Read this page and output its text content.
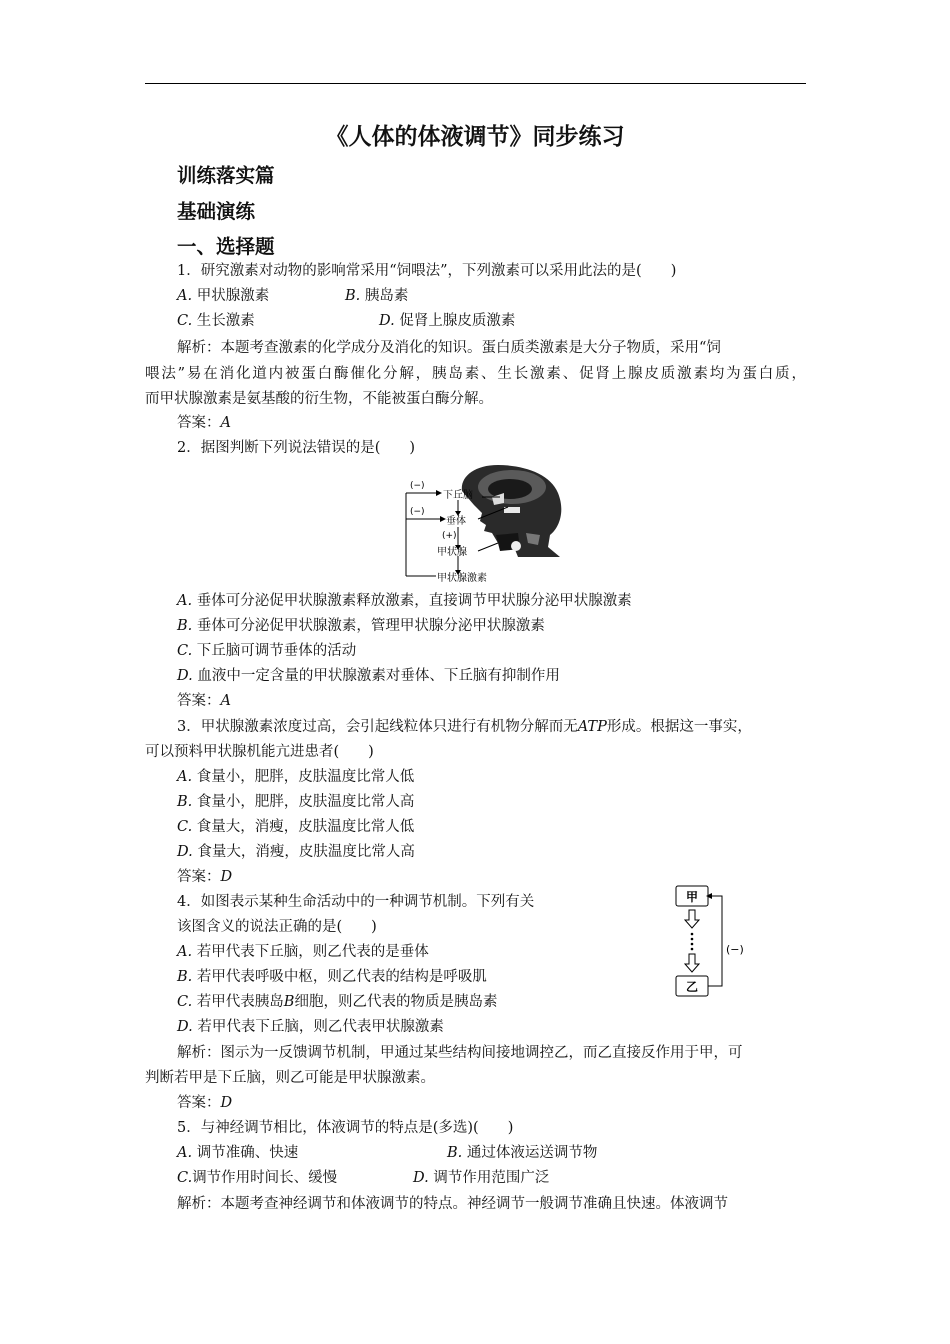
《人体的体液调节》同步练习
训练落实篇
基础演练
一、选择题
1．研究激素对动物的影响常采用“饲喂法”，下列激素可以采用此法的是(　　)
A. 甲状腺激素	B. 胰岛素
C. 生长激素	D. 促肾上腺皮质激素
解析：本题考查激素的化学成分及消化的知识。蛋白质类激素是大分子物质，采用“饲
喂法”易在消化道内被蛋白酶催化分解，胰岛素、生长激素、促肾上腺皮质激素均为蛋白质，
而甲状腺激素是氨基酸的衍生物，不能被蛋白酶分解。
答案：A
2．据图判断下列说法错误的是(　　)
(−)
(−)
(+)
下丘脑
垂体
甲状腺
甲状腺激素
A. 垂体可分泌促甲状腺激素释放激素，直接调节甲状腺分泌甲状腺激素
B. 垂体可分泌促甲状腺激素，管理甲状腺分泌甲状腺激素
C. 下丘脑可调节垂体的活动
D. 血液中一定含量的甲状腺激素对垂体、下丘脑有抑制作用
答案：A
3．甲状腺激素浓度过高，会引起线粒体只进行有机物分解而无ATP形成。根据这一事实，
可以预料甲状腺机能亢进患者(　　)
A. 食量小，肥胖，皮肤温度比常人低
B. 食量小，肥胖，皮肤温度比常人高
C. 食量大，消瘦，皮肤温度比常人低
D. 食量大，消瘦，皮肤温度比常人高
答案：D
4．如图表示某种生命活动中的一种调节机制。下列有关
该图含义的说法正确的是(　　)
甲
乙
(−)
A. 若甲代表下丘脑，则乙代表的是垂体
B. 若甲代表呼吸中枢，则乙代表的结构是呼吸肌
C. 若甲代表胰岛B细胞，则乙代表的物质是胰岛素
D. 若甲代表下丘脑，则乙代表甲状腺激素
解析：图示为一反馈调节机制，甲通过某些结构间接地调控乙，而乙直接反作用于甲，可
判断若甲是下丘脑，则乙可能是甲状腺激素。
答案：D
5．与神经调节相比，体液调节的特点是(多选)(　　)
A. 调节准确、快速	B. 通过体液运送调节物
C.调节作用时间长、缓慢	D. 调节作用范围广泛
解析：本题考查神经调节和体液调节的特点。神经调节一般调节准确且快速。体液调节
